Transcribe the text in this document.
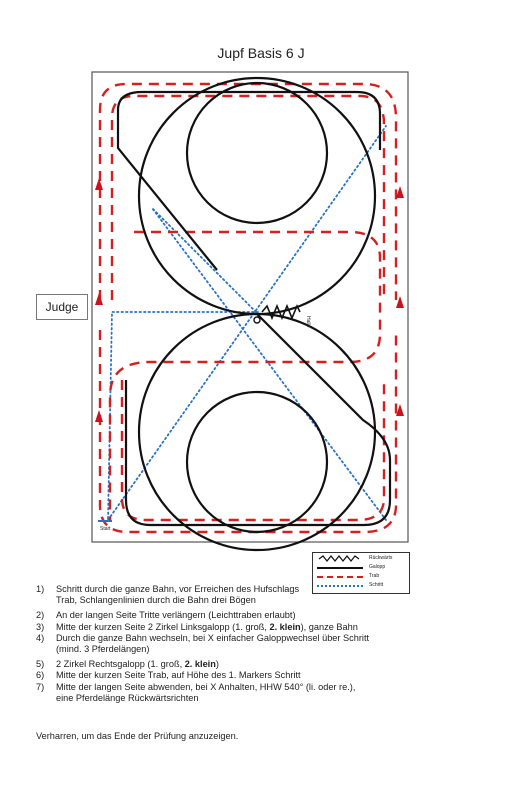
Jupf Basis 6 J
Halle
Start
Judge
Rückwärts
Galopp
Trab
Schritt
1) Schritt durch die ganze Bahn, vor Erreichen des Hufschlags
Trab, Schlangenlinien durch die Bahn drei Bögen
2) An der langen Seite Tritte verlängern (Leichttraben erlaubt)
3) Mitte der kurzen Seite 2 Zirkel Linksgalopp (1. groß, 2. klein), ganze Bahn
4) Durch die ganze Bahn wechseln, bei X einfacher Galoppwechsel über Schritt
(mind. 3 Pferdelängen)
5) 2 Zirkel Rechtsgalopp (1. groß, 2. klein)
6) Mitte der kurzen Seite Trab, auf Höhe des 1. Markers Schritt
7) Mitte der langen Seite abwenden, bei X Anhalten, HHW 540° (li. oder re.),
eine Pferdelänge Rückwärtsrichten
Verharren, um das Ende der Prüfung anzuzeigen.
